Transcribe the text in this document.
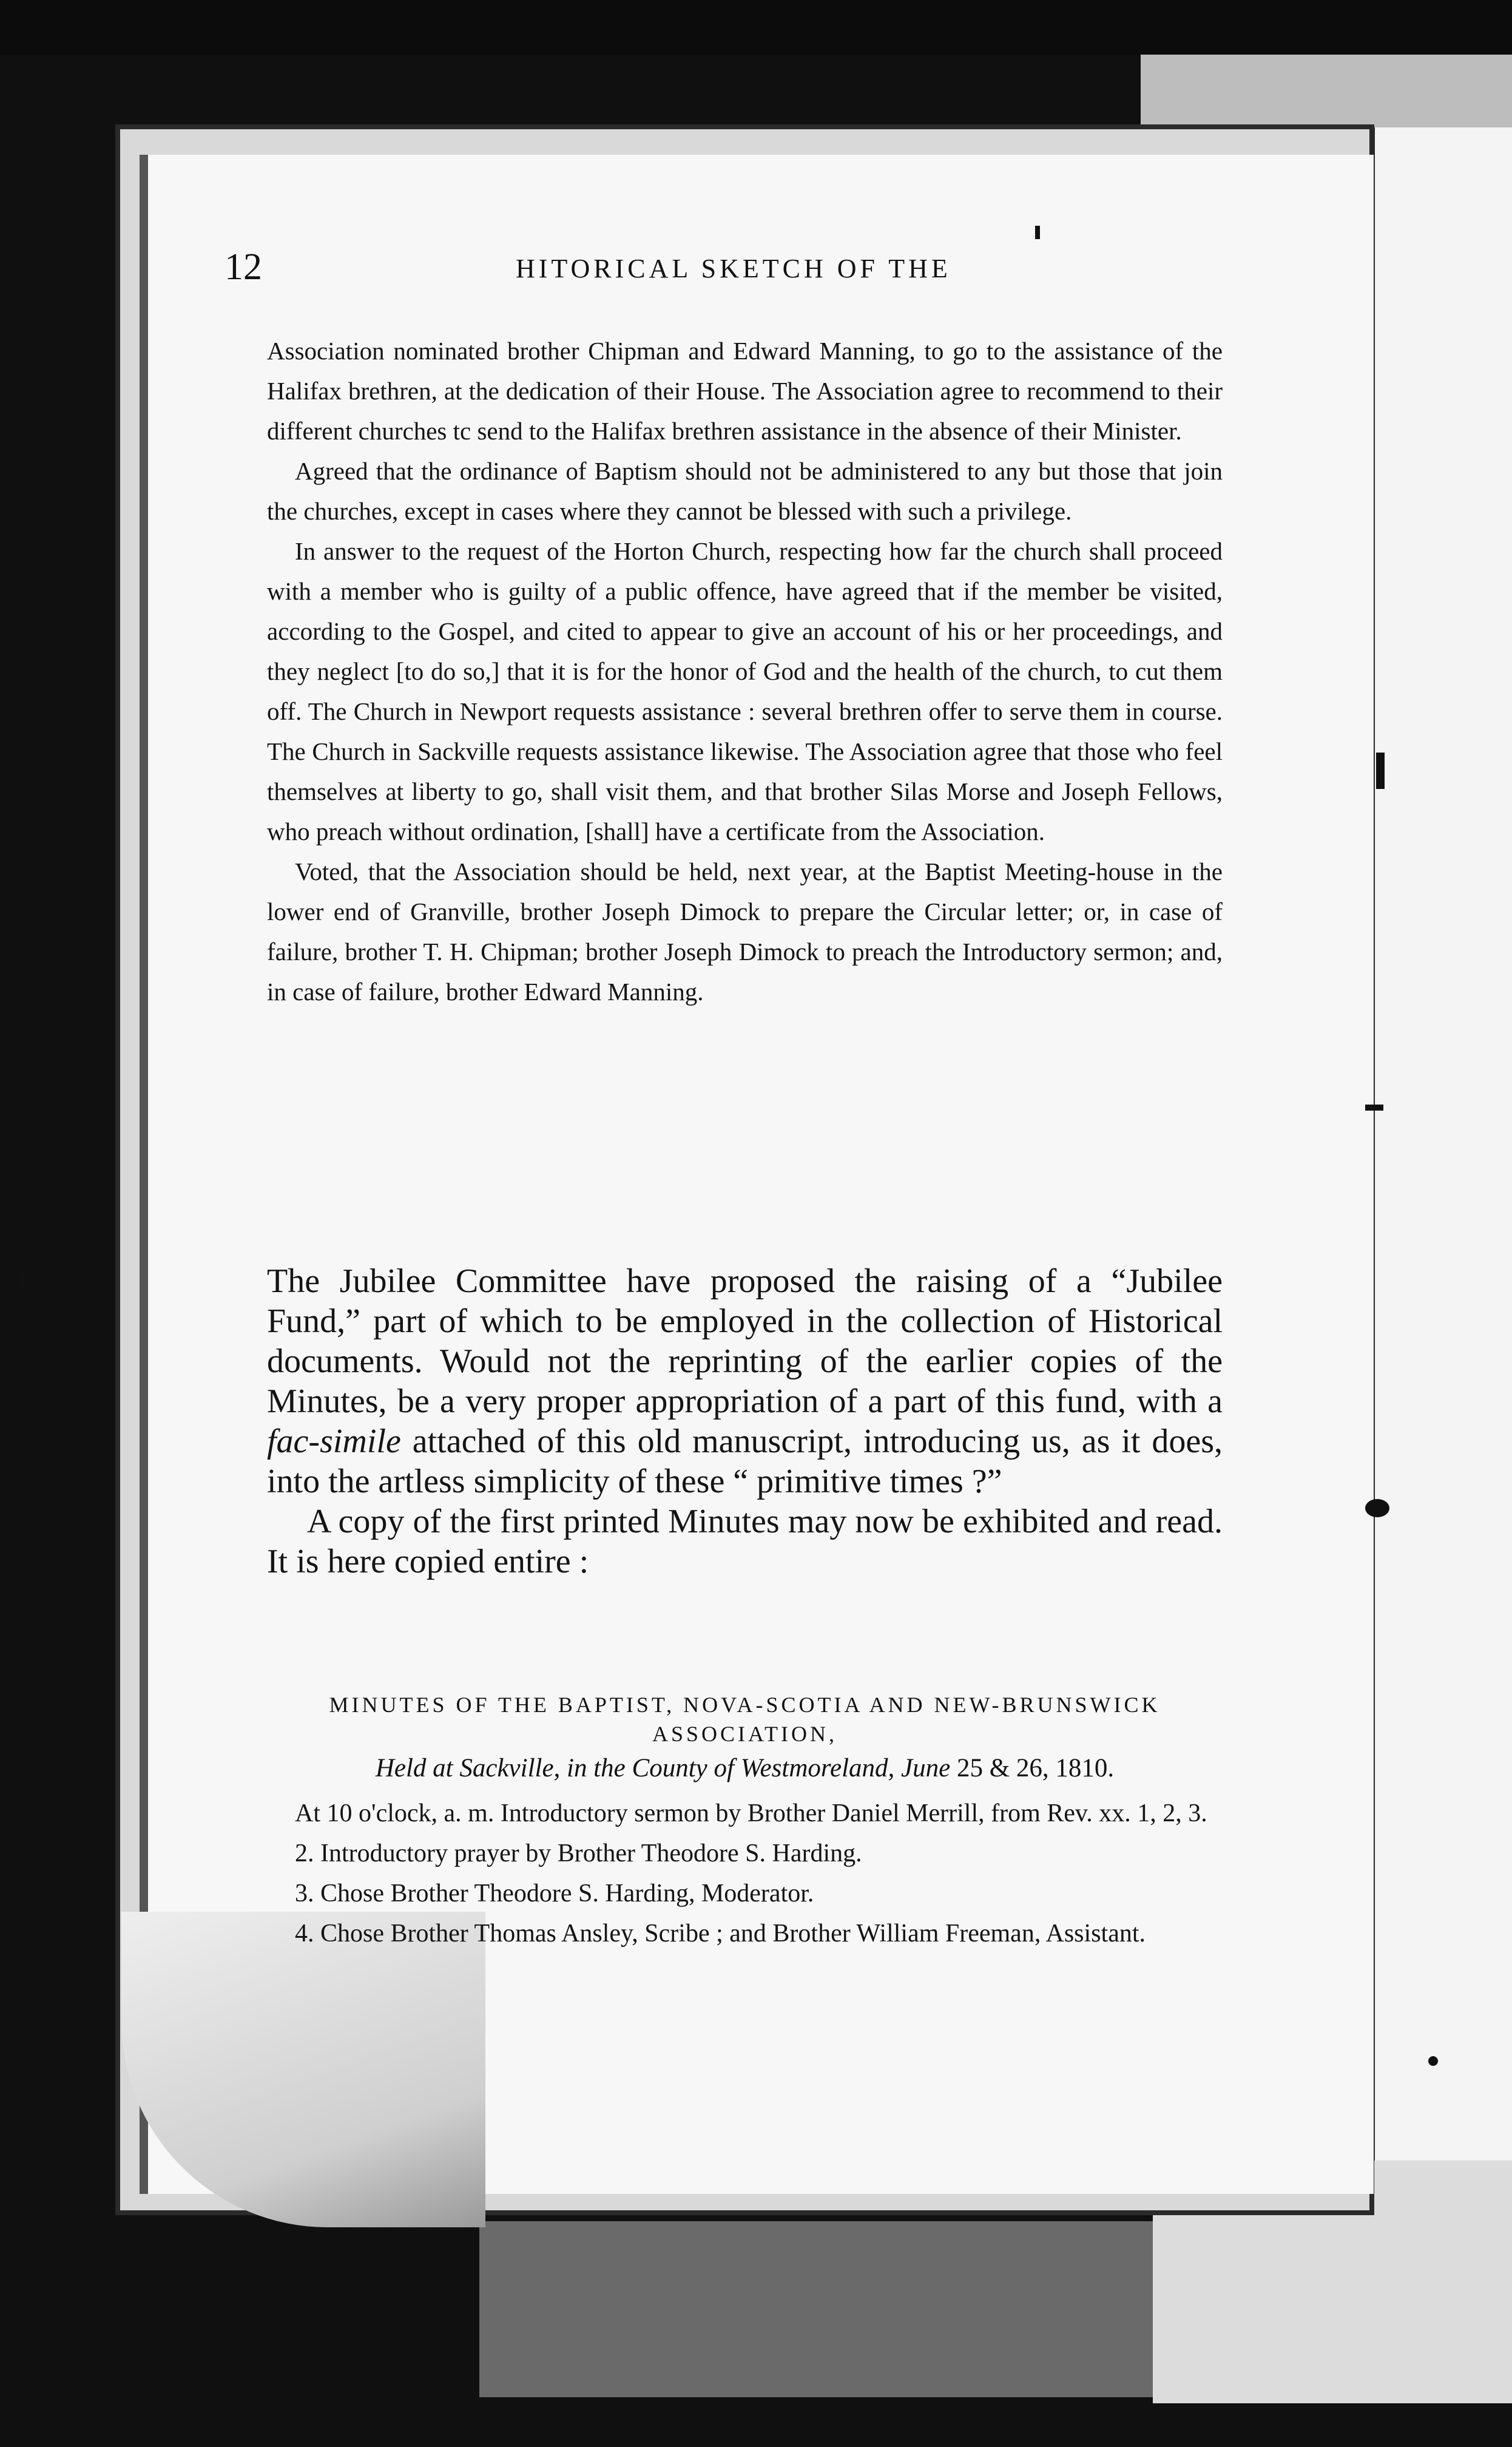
12	HITORICAL SKETCH OF THE

Association nominated brother Chipman and Edward Manning, to go to the assistance of the Halifax brethren, at the dedication of their House. The Association agree to recommend to their different churches tc send to the Halifax brethren assistance in the absence of their Minister.

Agreed that the ordinance of Baptism should not be administered to any but those that join the churches, except in cases where they cannot be blessed with such a privilege.

In answer to the request of the Horton Church, respecting how far the church shall proceed with a member who is guilty of a public offence, have agreed that if the member be visited, according to the Gospel, and cited to appear to give an account of his or her proceedings, and they neglect [to do so,] that it is for the honor of God and the health of the church, to cut them off. The Church in Newport requests assistance : several brethren offer to serve them in course. The Church in Sackville requests assistance likewise. The Association agree that those who feel themselves at liberty to go, shall visit them, and that brother Silas Morse and Joseph Fellows, who preach without ordination, [shall] have a certificate from the Association.

Voted, that the Association should be held, next year, at the Baptist Meeting-house in the lower end of Granville, brother Joseph Dimock to prepare the Circular letter; or, in case of failure, brother T. H. Chipman; brother Joseph Dimock to preach the Introductory sermon; and, in case of failure, brother Edward Manning.

The Jubilee Committee have proposed the raising of a “Jubilee Fund,” part of which to be employed in the collection of Historical documents. Would not the reprinting of the earlier copies of the Minutes, be a very proper appropriation of a part of this fund, with a fac-simile attached of this old manuscript, introducing us, as it does, into the artless simplicity of these “ primitive times ?”

A copy of the first printed Minutes may now be exhibited and read. It is here copied entire :

MINUTES OF THE BAPTIST, NOVA-SCOTIA AND NEW-BRUNSWICK
ASSOCIATION,
Held at Sackville, in the County of Westmoreland, June 25 & 26, 1810.

At 10 o'clock, a. m. Introductory sermon by Brother Daniel Merrill, from Rev. xx. 1, 2, 3.

2. Introductory prayer by Brother Theodore S. Harding.

3. Chose Brother Theodore S. Harding, Moderator.

4. Chose Brother Thomas Ansley, Scribe ; and Brother William Freeman, Assistant.
